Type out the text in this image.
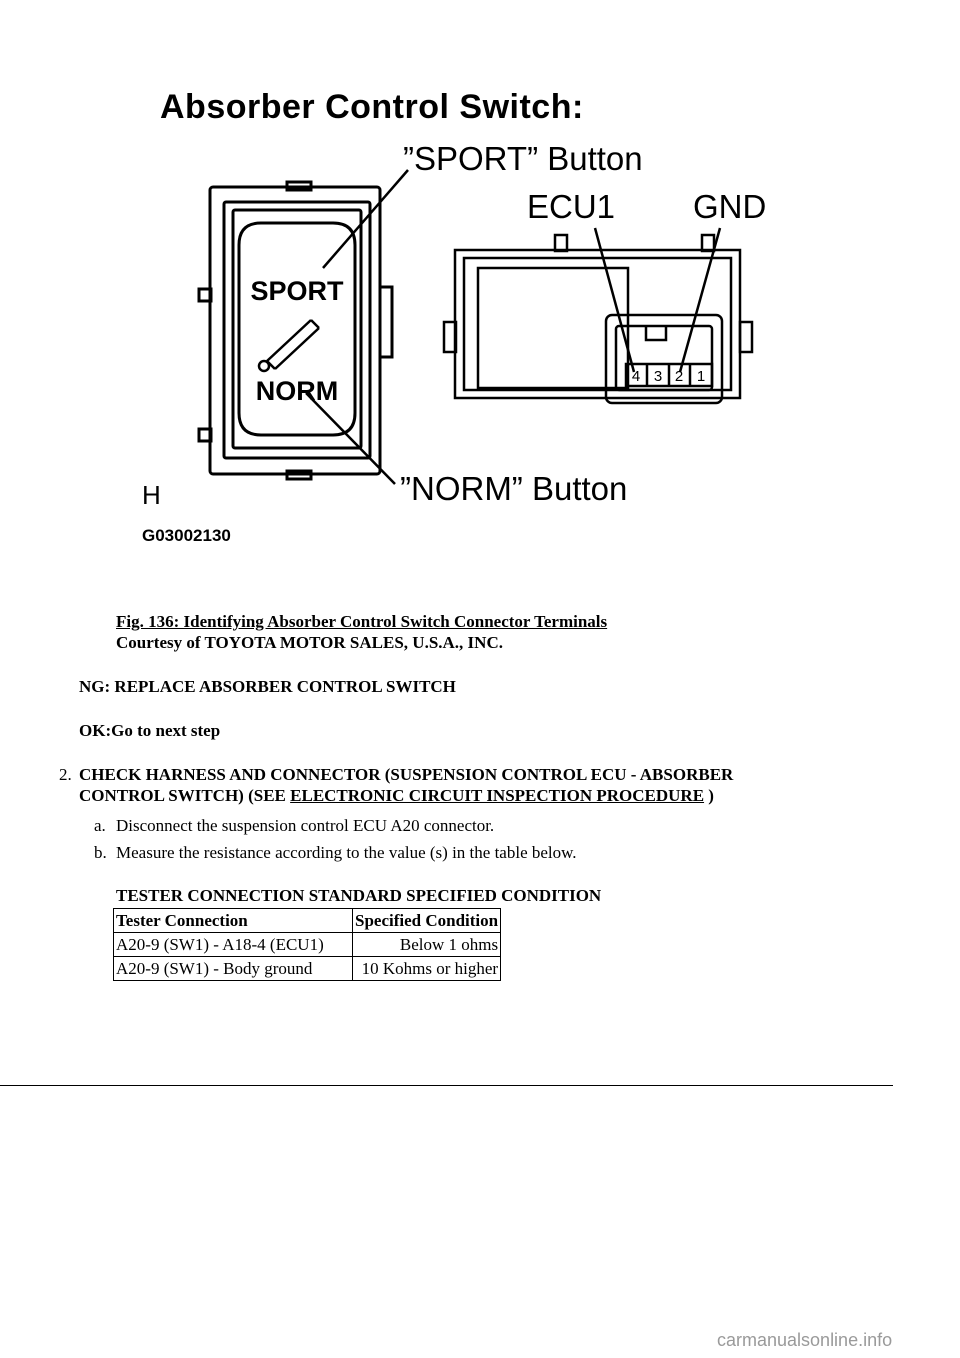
Absorber Control Switch:
”SPORT” Button
ECU1 GND
”NORM” Button
H
G03002130
SPORT
NORM	4 3 2 1
Fig. 136: Identifying Absorber Control Switch Connector Terminals
Courtesy of TOYOTA MOTOR SALES, U.S.A., INC.
NG: REPLACE ABSORBER CONTROL SWITCH
OK:Go to next step
2. CHECK HARNESS AND CONNECTOR (SUSPENSION CONTROL ECU - ABSORBER
CONTROL SWITCH) (SEE ELECTRONIC CIRCUIT INSPECTION PROCEDURE )
a. Disconnect the suspension control ECU A20 connector.
b. Measure the resistance according to the value (s) in the table below.
TESTER CONNECTION STANDARD SPECIFIED CONDITION
Tester Connection	Specified Condition
A20-9 (SW1) - A18-4 (ECU1)	Below 1 ohms
A20-9 (SW1) - Body ground	10 Kohms or higher
carmanualsonline.info
